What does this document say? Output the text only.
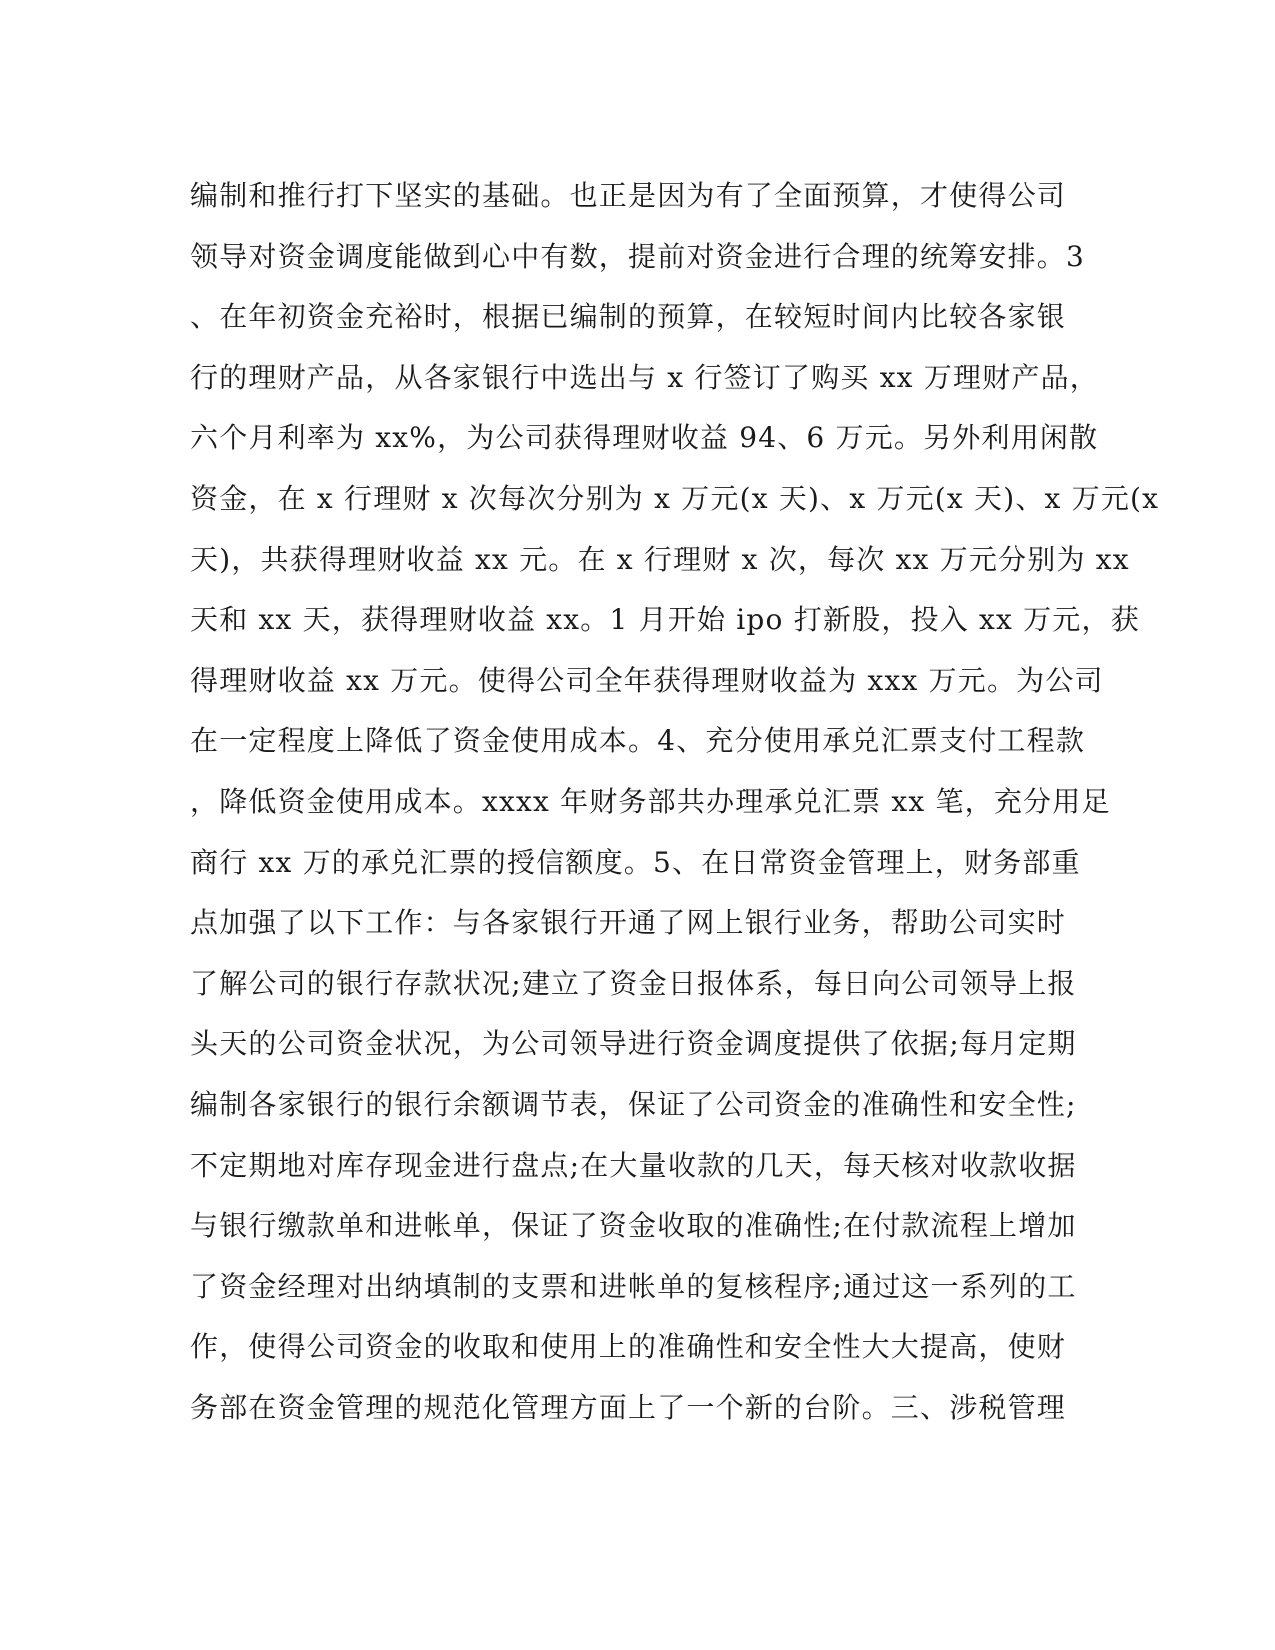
编制和推行打下坚实的基础。也正是因为有了全面预算，才使得公司
领导对资金调度能做到心中有数，提前对资金进行合理的统筹安排。3
、在年初资金充裕时，根据已编制的预算，在较短时间内比较各家银
行的理财产品，从各家银行中选出与 x 行签订了购买 xx 万理财产品，
六个月利率为 xx%，为公司获得理财收益 94、6 万元。另外利用闲散
资金，在 x 行理财 x 次每次分别为 x 万元(x 天)、x 万元(x 天)、x 万元(x
天)，共获得理财收益 xx 元。在 x 行理财 x 次，每次 xx 万元分别为 xx
天和 xx 天，获得理财收益 xx。1 月开始 ipo 打新股，投入 xx 万元，获
得理财收益 xx 万元。使得公司全年获得理财收益为 xxx 万元。为公司
在一定程度上降低了资金使用成本。4、充分使用承兑汇票支付工程款
，降低资金使用成本。xxxx 年财务部共办理承兑汇票 xx 笔，充分用足
商行 xx 万的承兑汇票的授信额度。5、在日常资金管理上，财务部重
点加强了以下工作：与各家银行开通了网上银行业务，帮助公司实时
了解公司的银行存款状况;建立了资金日报体系，每日向公司领导上报
头天的公司资金状况，为公司领导进行资金调度提供了依据;每月定期
编制各家银行的银行余额调节表，保证了公司资金的准确性和安全性;
不定期地对库存现金进行盘点;在大量收款的几天，每天核对收款收据
与银行缴款单和进帐单，保证了资金收取的准确性;在付款流程上增加
了资金经理对出纳填制的支票和进帐单的复核程序;通过这一系列的工
作，使得公司资金的收取和使用上的准确性和安全性大大提高，使财
务部在资金管理的规范化管理方面上了一个新的台阶。三、涉税管理
